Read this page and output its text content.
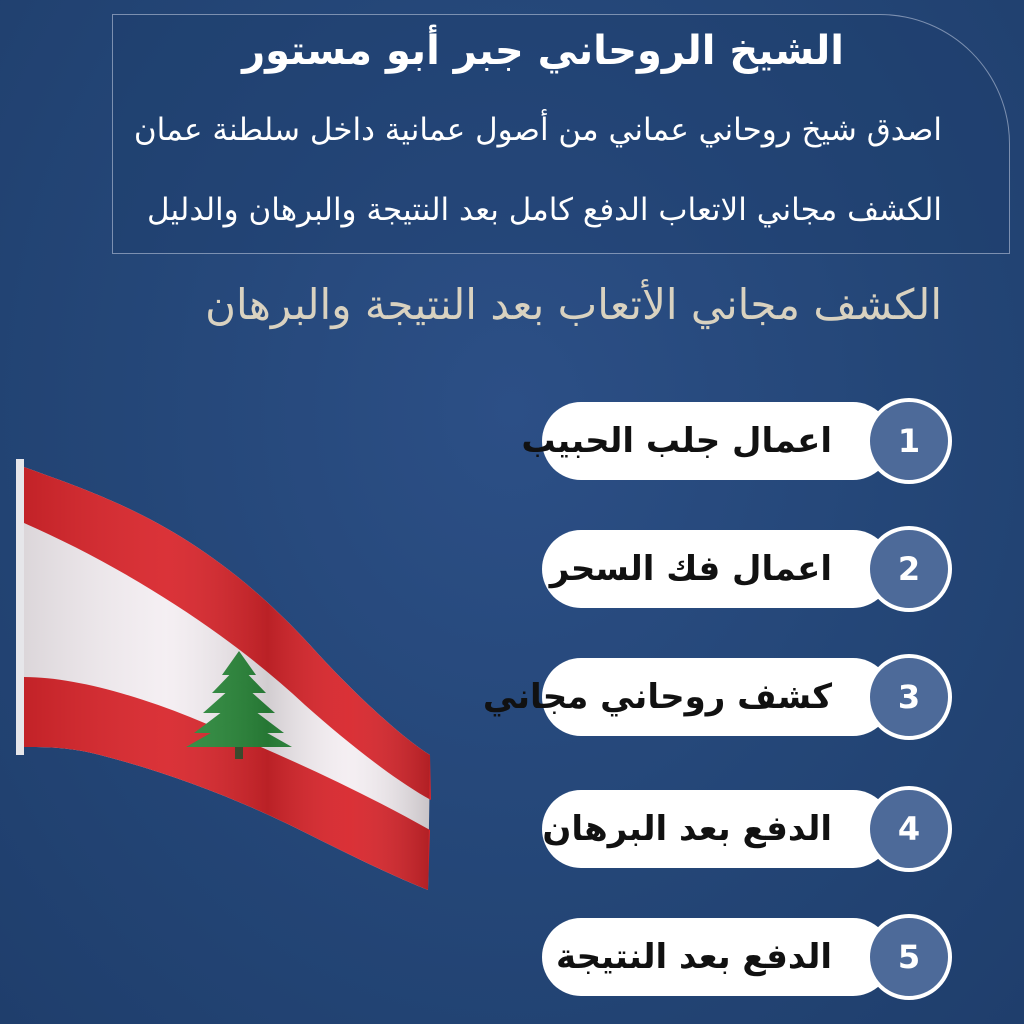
الشيخ الروحاني جبر أبو مستور
اصدق شيخ روحاني عماني من أصول عمانية داخل سلطنة عمان
الكشف مجاني الاتعاب الدفع كامل بعد النتيجة والبرهان والدليل
الكشف مجاني الأتعاب بعد النتيجة والبرهان
اعمال جلب الحبيب	1
اعمال فك السحر	2
كشف روحاني مجاني	3
الدفع بعد البرهان	4
الدفع بعد النتيجة	5
